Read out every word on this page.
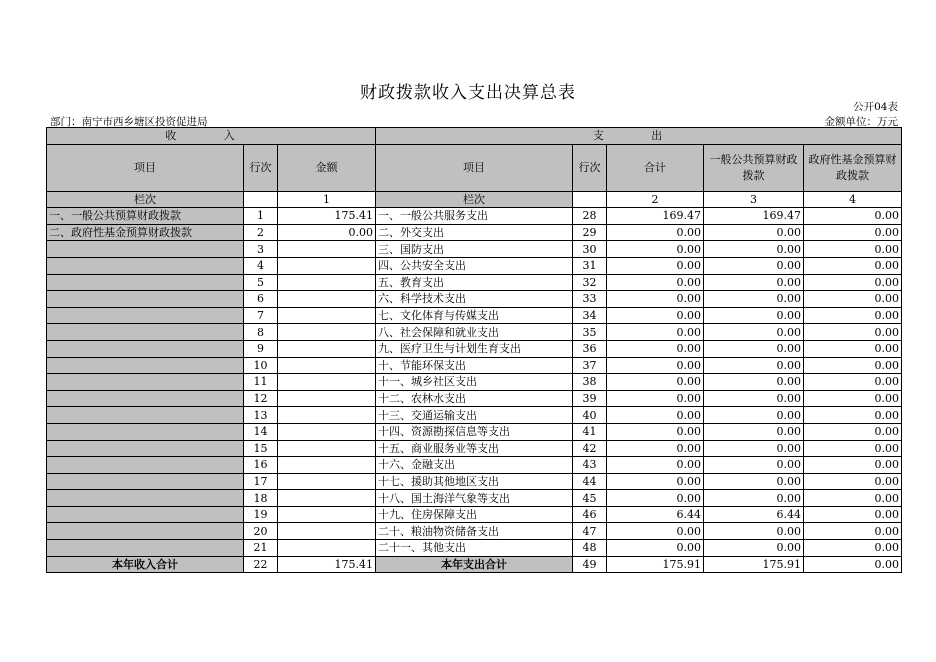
财政拨款收入支出决算总表
公开04表
部门：南宁市西乡塘区投资促进局	金额单位：万元
收 入			支 出				
项目	行次	金额	项目	行次	合计	一般公共预算财政拨款	政府性基金预算财政拨款
栏次		1	栏次		2	3	4
一、一般公共预算财政拨款	1	175.41	一、一般公共服务支出	28	169.47	169.47	0.00
二、政府性基金预算财政拨款	2	0.00	二、外交支出	29	0.00	0.00	0.00
	3		三、国防支出	30	0.00	0.00	0.00
	4		四、公共安全支出	31	0.00	0.00	0.00
	5		五、教育支出	32	0.00	0.00	0.00
	6		六、科学技术支出	33	0.00	0.00	0.00
	7		七、文化体育与传媒支出	34	0.00	0.00	0.00
	8		八、社会保障和就业支出	35	0.00	0.00	0.00
	9		九、医疗卫生与计划生育支出	36	0.00	0.00	0.00
	10		十、节能环保支出	37	0.00	0.00	0.00
	11		十一、城乡社区支出	38	0.00	0.00	0.00
	12		十二、农林水支出	39	0.00	0.00	0.00
	13		十三、交通运输支出	40	0.00	0.00	0.00
	14		十四、资源勘探信息等支出	41	0.00	0.00	0.00
	15		十五、商业服务业等支出	42	0.00	0.00	0.00
	16		十六、金融支出	43	0.00	0.00	0.00
	17		十七、援助其他地区支出	44	0.00	0.00	0.00
	18		十八、国土海洋气象等支出	45	0.00	0.00	0.00
	19		十九、住房保障支出	46	6.44	6.44	0.00
	20		二十、粮油物资储备支出	47	0.00	0.00	0.00
	21		二十一、其他支出	48	0.00	0.00	0.00
本年收入合计	22	175.41	本年支出合计	49	175.91	175.91	0.00
